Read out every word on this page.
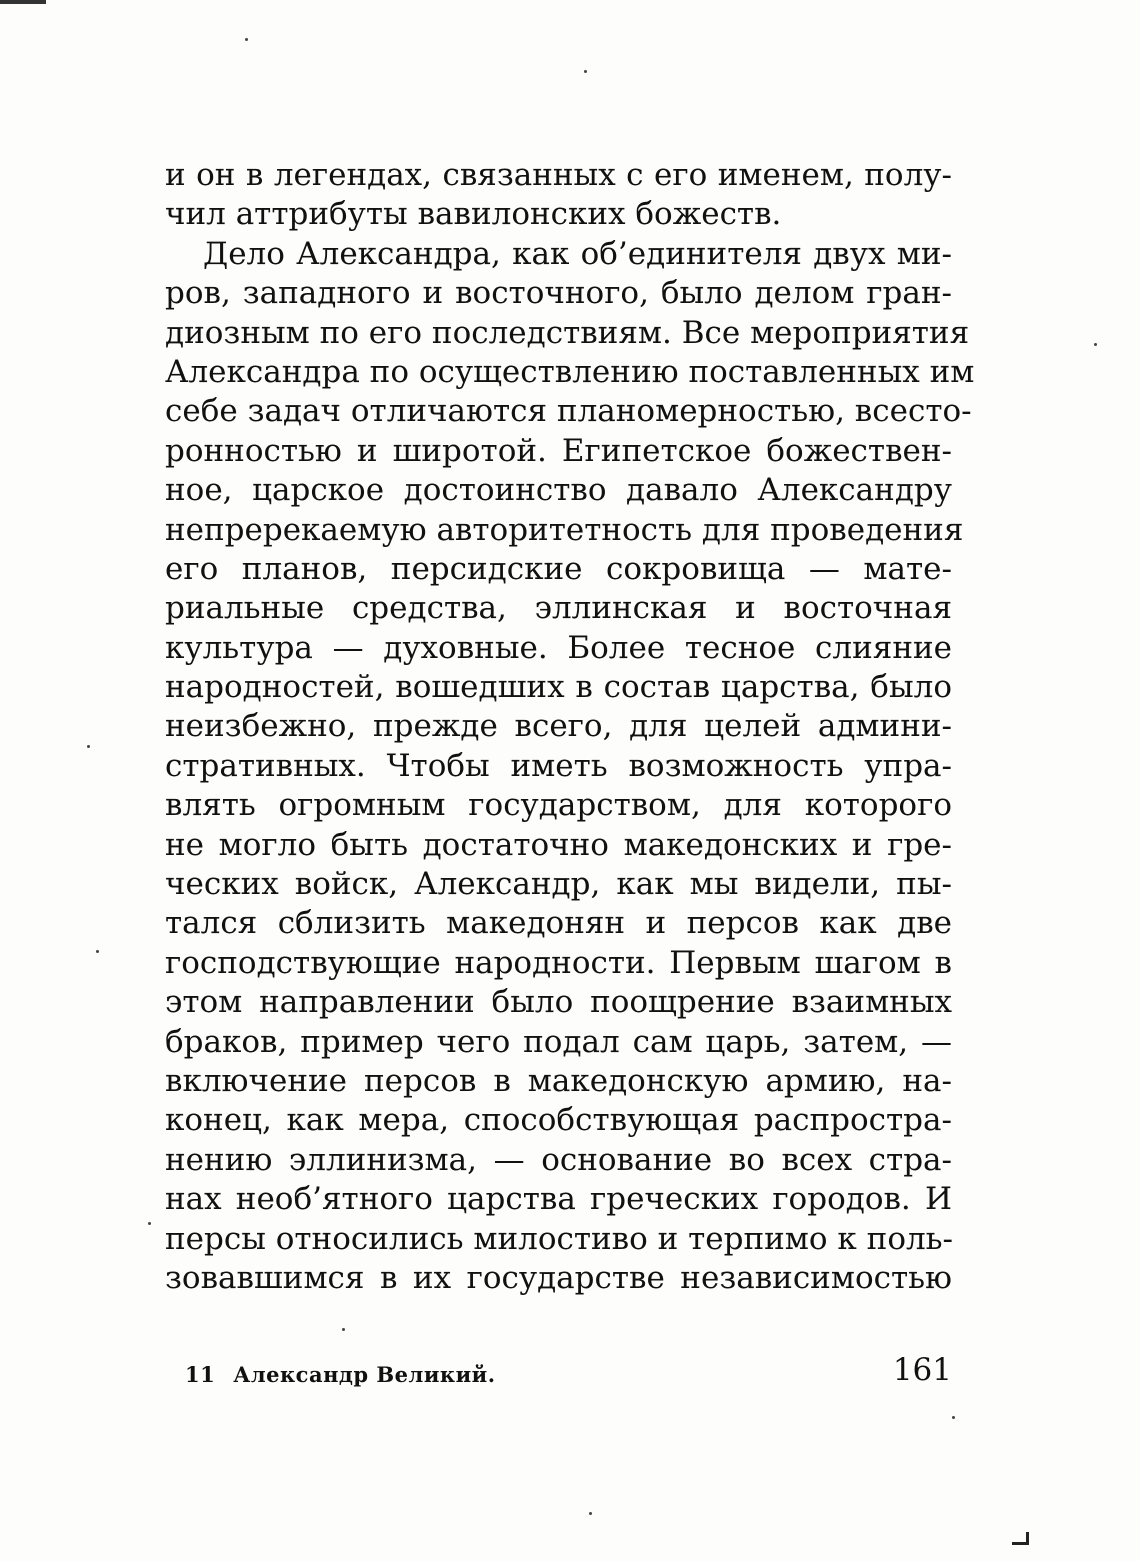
и он в легендах, связанных с его именем, полу-
чил аттрибуты вавилонских божеств.
Дело Александра, как об’единителя двух ми-
ров, западного и восточного, было делом гран-
диозным по его последствиям. Все мероприятия
Александра по осуществлению поставленных им
себе задач отличаются планомерностью, всесто-
ронностью и широтой. Египетское божествен-
ное, царское достоинство давало Александру
непререкаемую авторитетность для проведения
его планов, персидские сокровища — мате-
риальные средства, эллинская и восточная
культура — духовные. Более тесное слияние
народностей, вошедших в состав царства, было
неизбежно, прежде всего, для целей админи-
стративных. Чтобы иметь возможность упра-
влять огромным государством, для которого
не могло быть достаточно македонских и гре-
ческих войск, Александр, как мы видели, пы-
тался сблизить македонян и персов как две
господствующие народности. Первым шагом в
этом направлении было поощрение взаимных
браков, пример чего подал сам царь, затем, —
включение персов в македонскую армию, на-
конец, как мера, способствующая распростра-
нению эллинизма, — основание во всех стра-
нах необ’ятного царства греческих городов. И
персы относились милостиво и терпимо к поль-
зовавшимся в их государстве независимостью
11 Александр Великий.	161
